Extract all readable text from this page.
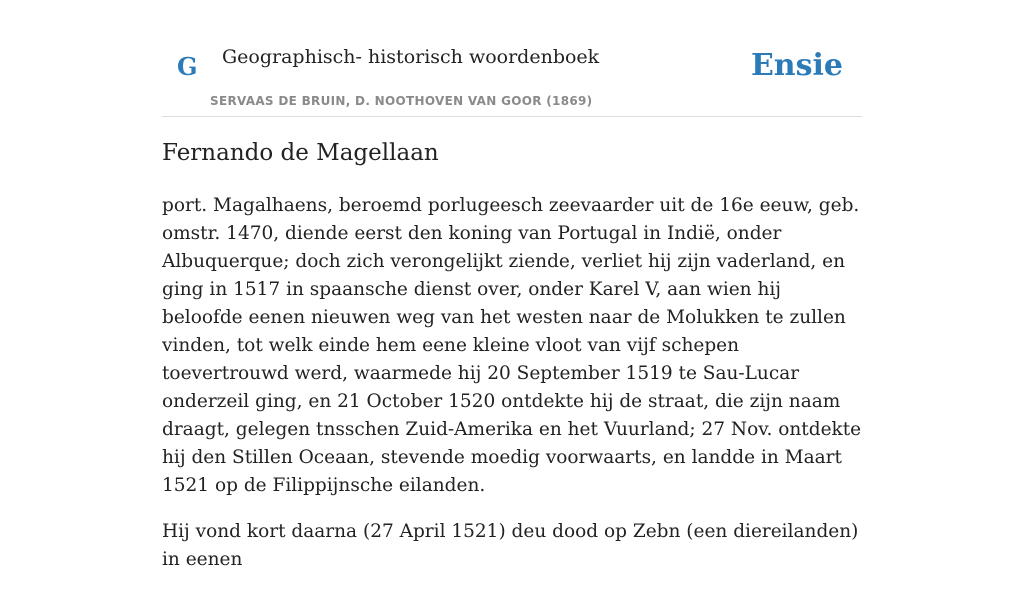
G Geographisch- historisch woordenboek
SERVAAS DE BRUIN, D. NOOTHOVEN VAN GOOR (1869)
Ensie
Fernando de Magellaan

port. Magalhaens, beroemd porlugeesch zeevaarder uit de 16e eeuw, geb. omstr. 1470, diende eerst den koning van Portugal in Indië, onder Albuquerque; doch zich verongelijkt ziende, verliet hij zijn vaderland, en ging in 1517 in spaansche dienst over, onder Karel V, aan wien hij beloofde eenen nieuwen weg van het westen naar de Molukken te zullen vinden, tot welk einde hem eene kleine vloot van vijf schepen toevertrouwd werd, waarmede hij 20 September 1519 te Sau-Lucar onderzeil ging, en 21 October 1520 ontdekte hij de straat, die zijn naam draagt, gelegen tnsschen Zuid-Amerika en het Vuurland; 27 Nov. ontdekte hij den Stillen Oceaan, stevende moedig voorwaarts, en landde in Maart 1521 op de Filippijnsche eilanden.

Hij vond kort daarna (27 April 1521) deu dood op Zebn (een diereilanden) in eenen
